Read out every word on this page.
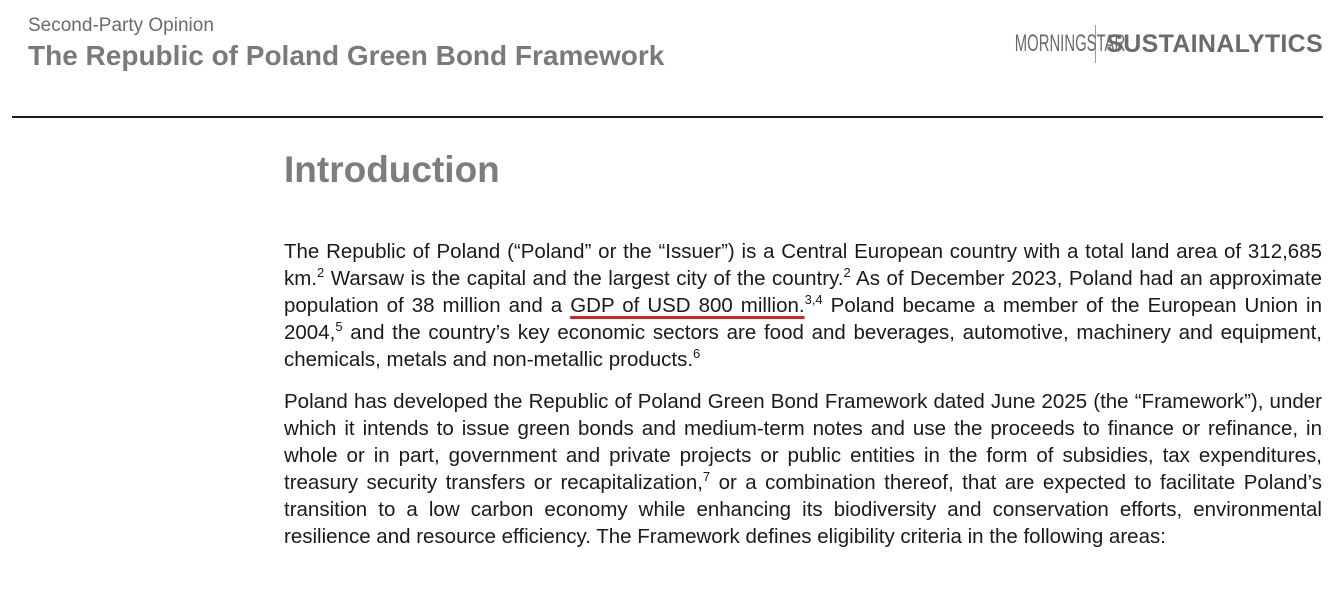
Second-Party Opinion
The Republic of Poland Green Bond Framework	MORNINGSTAR
SUSTAINALYTICS
Introduction

The Republic of Poland (“Poland” or the “Issuer”) is a Central European country with a total land area of 312,685 km.$^2$ Warsaw is the capital and the largest city of the country.$^2$ As of December 2023, Poland had an approximate population of 38 million and a GDP of USD 800 million.$^{3,4}$ Poland became a member of the European Union in 2004,$^5$ and the country’s key economic sectors are food and beverages, automotive, machinery and equipment, chemicals, metals and non-metallic products.$^6$

Poland has developed the Republic of Poland Green Bond Framework dated June 2025 (the “Framework”), under which it intends to issue green bonds and medium-term notes and use the proceeds to finance or refinance, in whole or in part, government and private projects or public entities in the form of subsidies, tax expenditures, treasury security transfers or recapitalization,$^7$ or a combination thereof, that are expected to facilitate Poland’s transition to a low carbon economy while enhancing its biodiversity and conservation efforts, environmental resilience and resource efficiency. The Framework defines eligibility criteria in the following areas:
